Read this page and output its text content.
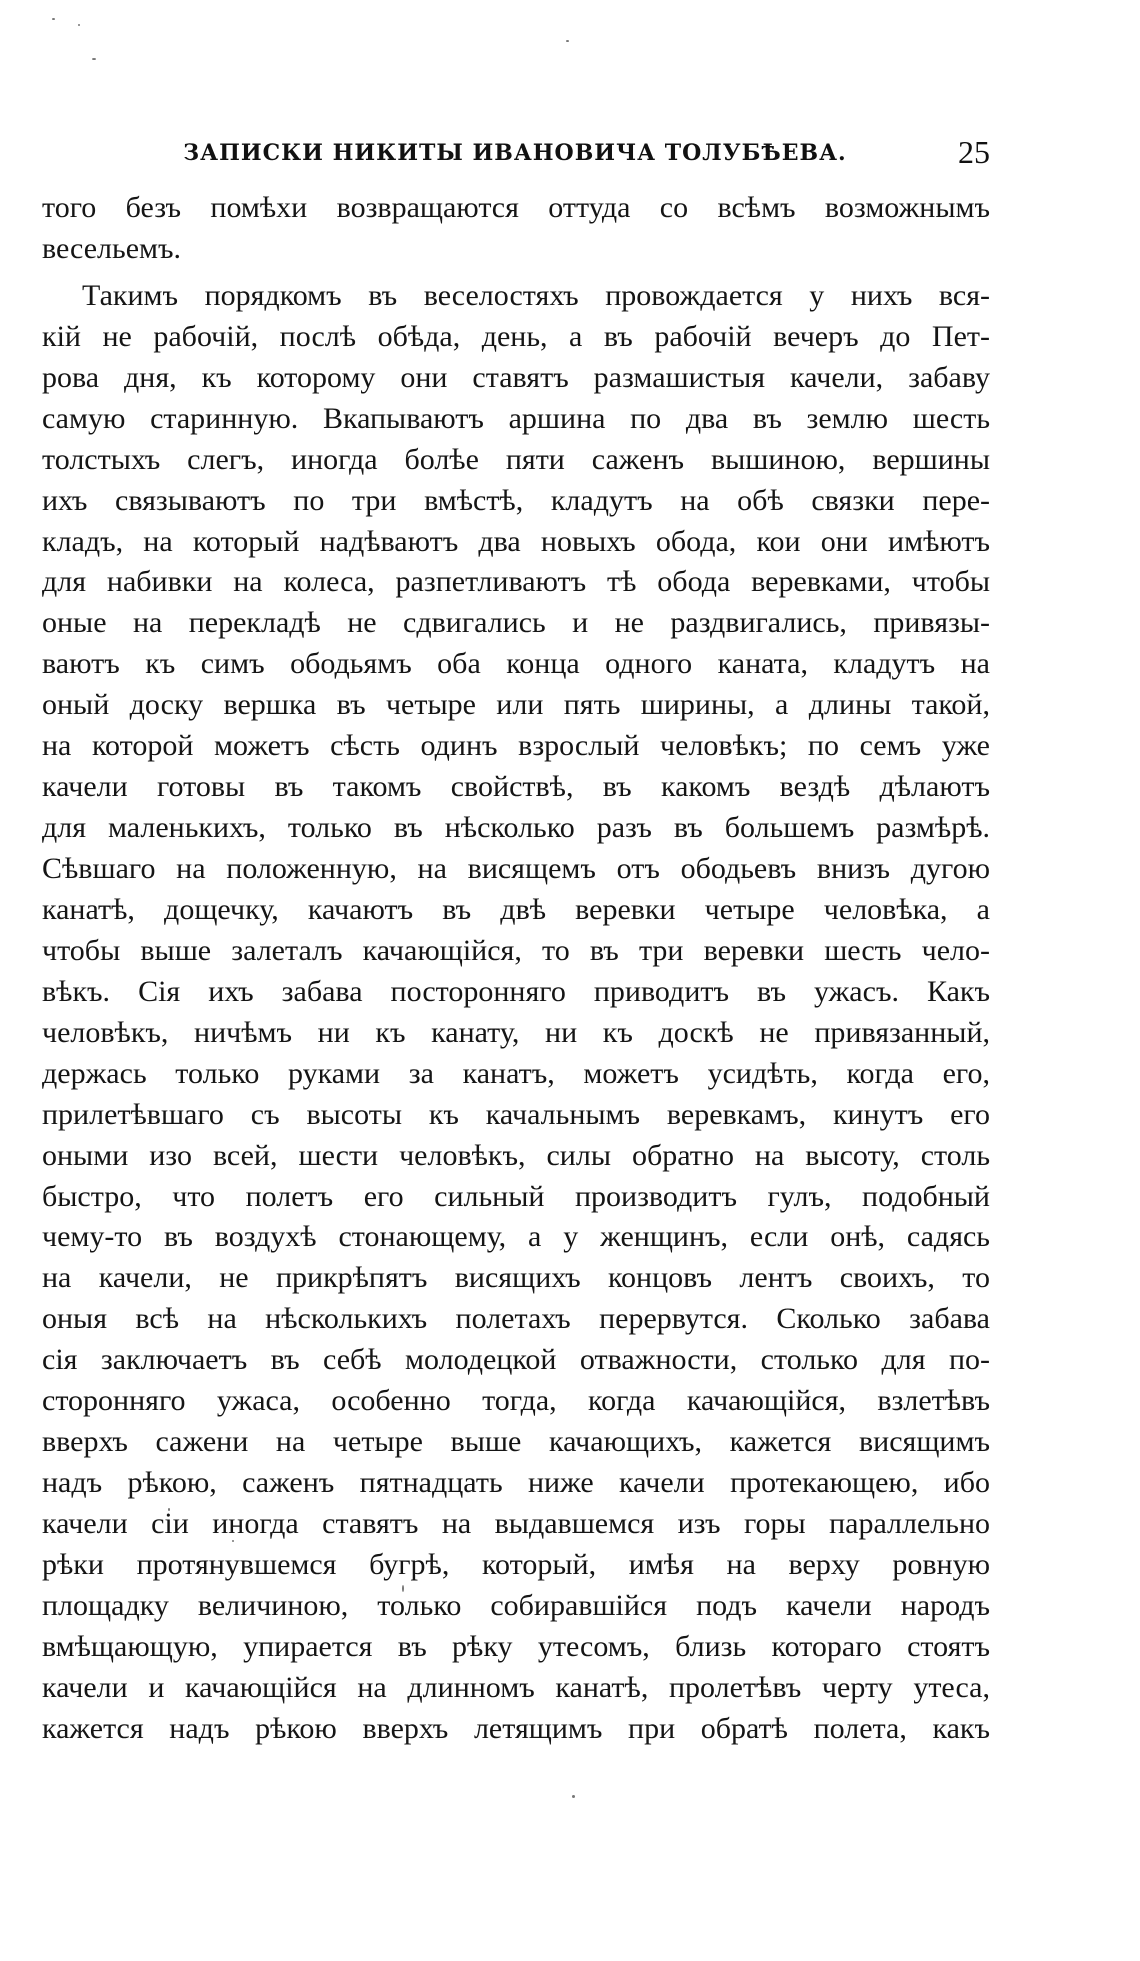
ЗАПИСКИ НИКИТЫ ИВАНОВИЧА ТОЛУБѢЕВА.	25
того безъ помѣхи возвращаются оттуда со всѣмъ возможнымъ
весельемъ.
Такимъ порядкомъ въ веселостяхъ провождается у нихъ вся-
кій не рабочій, послѣ обѣда, день, а въ рабочій вечеръ до Пет-
рова дня, къ которому они ставятъ размашистыя качели, забаву
самую старинную. Вкапываютъ аршина по два въ землю шесть
толстыхъ слегъ, иногда болѣе пяти саженъ вышиною, вершины
ихъ связываютъ по три вмѣстѣ, кладутъ на обѣ связки пере-
кладъ, на который надѣваютъ два новыхъ обода, кои они имѣютъ
для набивки на колеса, разпетливаютъ тѣ обода веревками, чтобы
оные на перекладѣ не сдвигались и не раздвигались, привязы-
ваютъ къ симъ ободьямъ оба конца одного каната, кладутъ на
оный доску вершка въ четыре или пять ширины, а длины такой,
на которой можетъ сѣсть одинъ взрослый человѣкъ; по семъ уже
качели готовы въ такомъ свойствѣ, въ какомъ вездѣ дѣлаютъ
для маленькихъ, только въ нѣсколько разъ въ большемъ размѣрѣ.
Сѣвшаго на положенную, на висящемъ отъ ободьевъ внизъ дугою
канатѣ, дощечку, качаютъ въ двѣ веревки четыре человѣка, а
чтобы выше залеталъ качающійся, то въ три веревки шесть чело-
вѣкъ. Сія ихъ забава посторонняго приводитъ въ ужасъ. Какъ
человѣкъ, ничѣмъ ни къ канату, ни къ доскѣ не привязанный,
держась только руками за канатъ, можетъ усидѣть, когда его,
прилетѣвшаго съ высоты къ качальнымъ веревкамъ, кинутъ его
оными изо всей, шести человѣкъ, силы обратно на высоту, столь
быстро, что полетъ его сильный производитъ гулъ, подобный
чему-то въ воздухѣ стонающему, а у женщинъ, если онѣ, садясь
на качели, не прикрѣпятъ висящихъ концовъ лентъ своихъ, то
оныя всѣ на нѣсколькихъ полетахъ перервутся. Сколько забава
сія заключаетъ въ себѣ молодецкой отважности, столько для по-
сторонняго ужаса, особенно тогда, когда качающійся, взлетѣвъ
вверхъ сажени на четыре выше качающихъ, кажется висящимъ
надъ рѣкою, саженъ пятнадцать ниже качели протекающею, ибо
качели сіи иногда ставятъ на выдавшемся изъ горы параллельно
рѣки протянувшемся бугрѣ, который, имѣя на верху ровную
площадку величиною, только собиравшійся подъ качели народъ
вмѣщающую, упирается въ рѣку утесомъ, близь котораго стоятъ
качели и качающійся на длинномъ канатѣ, пролетѣвъ черту утеса,
кажется надъ рѣкою вверхъ летящимъ при обратѣ полета, какъ
